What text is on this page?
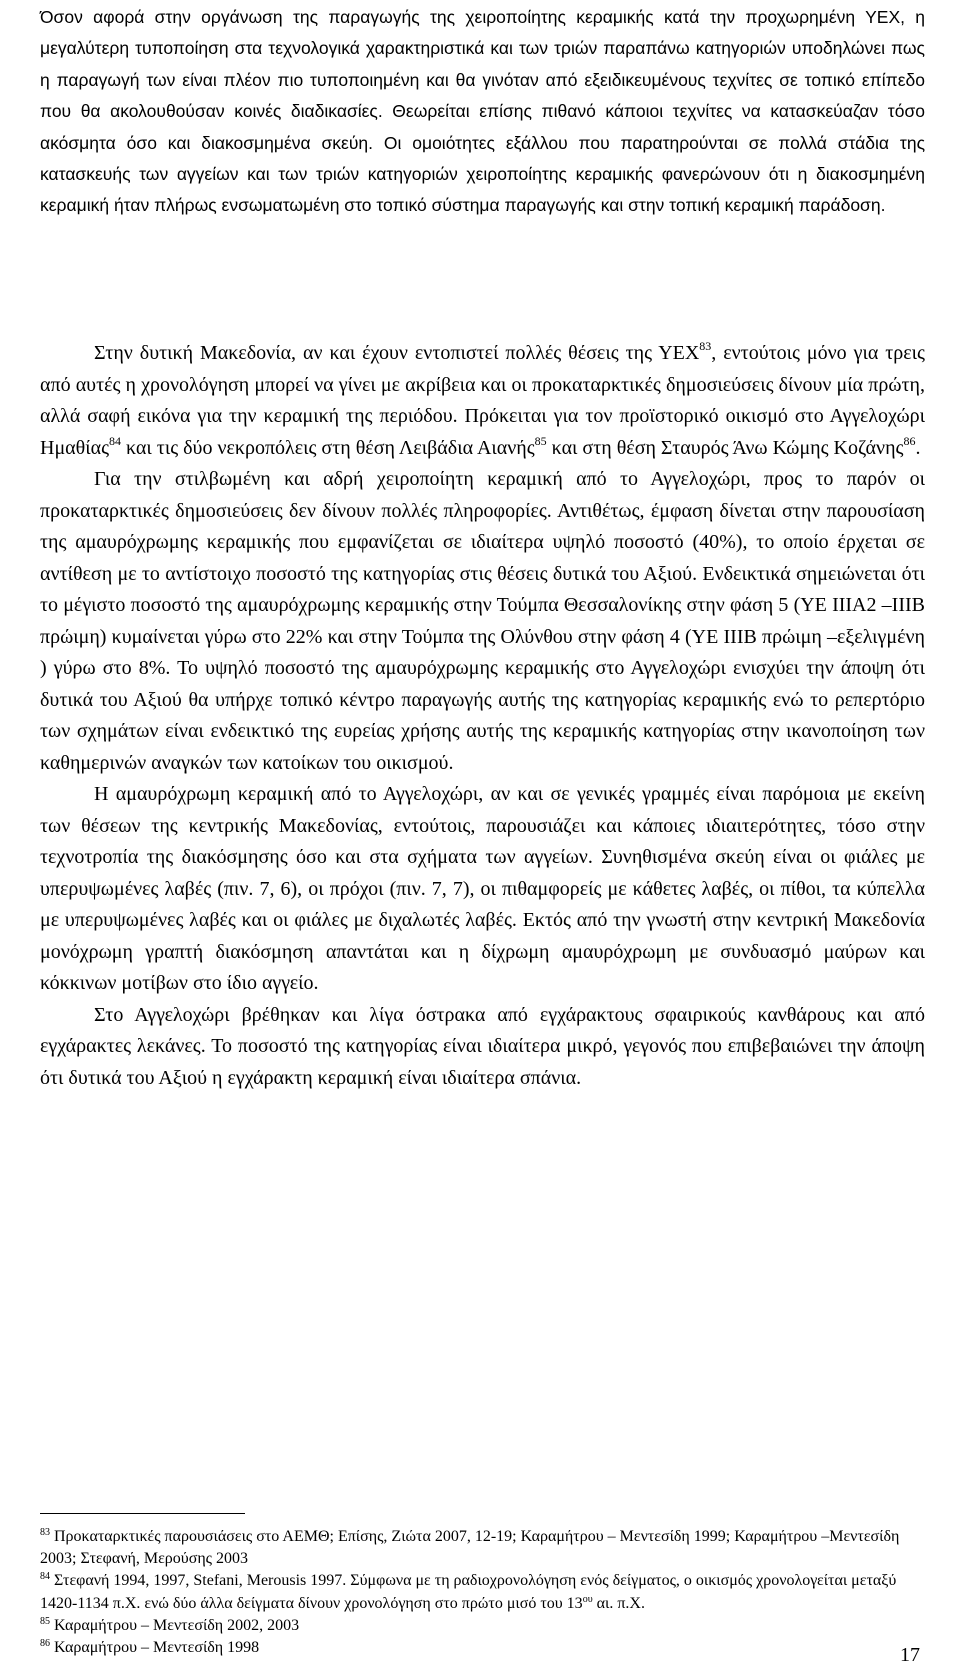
Όσον αφορά στην οργάνωση της παραγωγής της χειροποίητης κεραμικής κατά την προχωρημένη ΥΕΧ, η μεγαλύτερη τυποποίηση στα τεχνολογικά χαρακτηριστικά και των τριών παραπάνω κατηγοριών υποδηλώνει πως η παραγωγή των είναι πλέον πιο τυποποιημένη και θα γινόταν από εξειδικευμένους τεχνίτες σε τοπικό επίπεδο που θα ακολουθούσαν κοινές διαδικασίες. Θεωρείται επίσης πιθανό κάποιοι τεχνίτες να κατασκεύαζαν τόσο ακόσμητα όσο και διακοσμημένα σκεύη. Οι ομοιότητες εξάλλου που παρατηρούνται σε πολλά στάδια της κατασκευής των αγγείων και των τριών κατηγοριών χειροποίητης κεραμικής φανερώνουν ότι η διακοσμημένη κεραμική ήταν πλήρως ενσωματωμένη στο τοπικό σύστημα παραγωγής και στην τοπική κεραμική παράδοση.

Στην δυτική Μακεδονία, αν και έχουν εντοπιστεί πολλές θέσεις της ΥΕΧ$^{83}$, εντούτοις μόνο για τρεις από αυτές η χρονολόγηση μπορεί να γίνει με ακρίβεια και οι προκαταρκτικές δημοσιεύσεις δίνουν μία πρώτη, αλλά σαφή εικόνα για την κεραμική της περιόδου. Πρόκειται για τον προϊστορικό οικισμό στο Αγγελοχώρι Ημαθίας$^{84}$ και τις δύο νεκροπόλεις στη θέση Λειβάδια Αιανής$^{85}$ και στη θέση Σταυρός Άνω Κώμης Κοζάνης$^{86}$.

Για την στιλβωμένη και αδρή χειροποίητη κεραμική από το Αγγελοχώρι, προς το παρόν οι προκαταρκτικές δημοσιεύσεις δεν δίνουν πολλές πληροφορίες. Αντιθέτως, έμφαση δίνεται στην παρουσίαση της αμαυρόχρωμης κεραμικής που εμφανίζεται σε ιδιαίτερα υψηλό ποσοστό (40%), το οποίο έρχεται σε αντίθεση με το αντίστοιχο ποσοστό της κατηγορίας στις θέσεις δυτικά του Αξιού. Ενδεικτικά σημειώνεται ότι το μέγιστο ποσοστό της αμαυρόχρωμης κεραμικής στην Τούμπα Θεσσαλονίκης στην φάση 5 (ΥΕ ΙΙΙΑ2 –ΙΙΙΒ πρώιμη) κυμαίνεται γύρω στο 22% και στην Τούμπα της Ολύνθου στην φάση 4 (ΥΕ ΙΙΙΒ πρώιμη –εξελιγμένη ) γύρω στο 8%. Το υψηλό ποσοστό της αμαυρόχρωμης κεραμικής στο Αγγελοχώρι ενισχύει την άποψη ότι δυτικά του Αξιού θα υπήρχε τοπικό κέντρο παραγωγής αυτής της κατηγορίας κεραμικής ενώ το ρεπερτόριο των σχημάτων είναι ενδεικτικό της ευρείας χρήσης αυτής της κεραμικής κατηγορίας στην ικανοποίηση των καθημερινών αναγκών των κατοίκων του οικισμού.

Η αμαυρόχρωμη κεραμική από το Αγγελοχώρι, αν και σε γενικές γραμμές είναι παρόμοια με εκείνη των θέσεων της κεντρικής Μακεδονίας, εντούτοις, παρουσιάζει και κάποιες ιδιαιτερότητες, τόσο στην τεχνοτροπία της διακόσμησης όσο και στα σχήματα των αγγείων. Συνηθισμένα σκεύη είναι οι φιάλες με υπερυψωμένες λαβές (πιν. 7, 6), οι πρόχοι (πιν. 7, 7), οι πιθαμφορείς με κάθετες λαβές, οι πίθοι, τα κύπελλα με υπερυψωμένες λαβές και οι φιάλες με διχαλωτές λαβές. Εκτός από την γνωστή στην κεντρική Μακεδονία μονόχρωμη γραπτή διακόσμηση απαντάται και η δίχρωμη αμαυρόχρωμη με συνδυασμό μαύρων και κόκκινων μοτίβων στο ίδιο αγγείο.

Στο Αγγελοχώρι βρέθηκαν και λίγα όστρακα από εγχάρακτους σφαιρικούς κανθάρους και από εγχάρακτες λεκάνες. Το ποσοστό της κατηγορίας είναι ιδιαίτερα μικρό, γεγονός που επιβεβαιώνει την άποψη ότι δυτικά του Αξιού η εγχάρακτη κεραμική είναι ιδιαίτερα σπάνια.

$^{83}$ Προκαταρκτικές παρουσιάσεις στο ΑΕΜΘ; Επίσης, Ζιώτα 2007, 12-19; Καραμήτρου – Μεντεσίδη 1999; Καραμήτρου –Μεντεσίδη 2003; Στεφανή, Μερούσης 2003
$^{84}$ Στεφανή 1994, 1997, Stefani, Merousis 1997. Σύμφωνα με τη ραδιοχρονολόγηση ενός δείγματος, ο οικισμός χρονολογείται μεταξύ 1420-1134 π.Χ. ενώ δύο άλλα δείγματα δίνουν χρονολόγηση στο πρώτο μισό του $13^{o\upsilon}$ αι. π.Χ.
$^{85}$ Καραμήτρου – Μεντεσίδη 2002, 2003
$^{86}$ Καραμήτρου – Μεντεσίδη 1998	17
